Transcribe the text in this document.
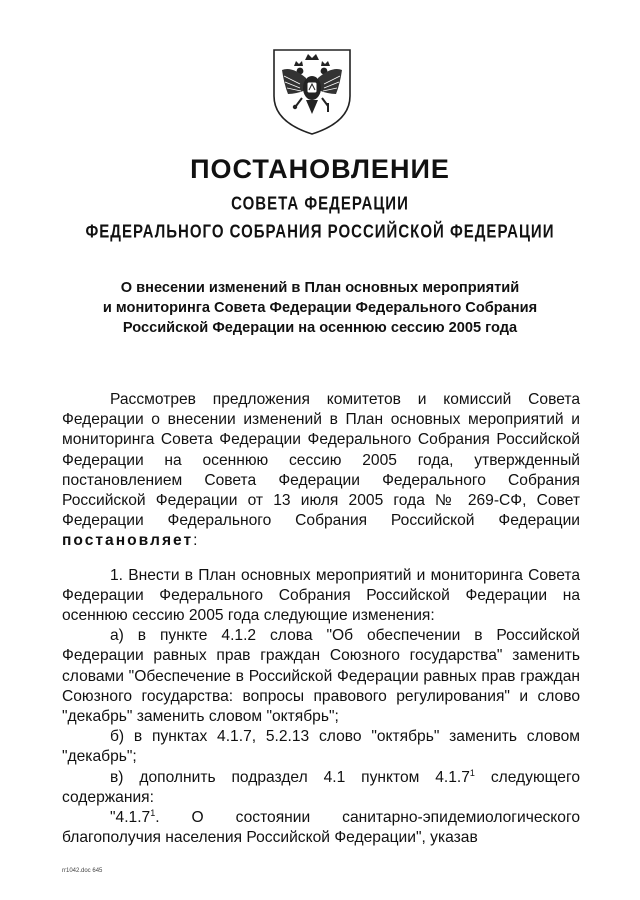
ПОСТАНОВЛЕНИЕ
СОВЕТА ФЕДЕРАЦИИ
ФЕДЕРАЛЬНОГО СОБРАНИЯ РОССИЙСКОЙ ФЕДЕРАЦИИ
О внесении изменений в План основных мероприятий
и мониторинга Совета Федерации Федерального Собрания
Российской Федерации на осеннюю сессию 2005 года

Рассмотрев предложения комитетов и комиссий Совета Федерации о внесении изменений в План основных мероприятий и мониторинга Совета Федерации Федерального Собрания Российской Федерации на осеннюю сессию 2005 года, утвержденный постановлением Совета Федерации Федерального Собрания Российской Федерации от 13 июля 2005 года № 269-СФ, Совет Федерации Федерального Собрания Российской Федерации постановляет:

1. Внести в План основных мероприятий и мониторинга Совета Федерации Федерального Собрания Российской Федерации на осеннюю сессию 2005 года следующие изменения:

а) в пункте 4.1.2 слова "Об обеспечении в Российской Федерации равных прав граждан Союзного государства" заменить словами "Обеспечение в Российской Федерации равных прав граждан Союзного государства: вопросы правового регулирования" и слово "декабрь" заменить словом "октябрь";

б) в пунктах 4.1.7, 5.2.13 слово "октябрь" заменить словом "декабрь";

в) дополнить подраздел 4.1 пунктом 4.1.7$^1$ следующего содержания:

"4.1.7$^1$. О состоянии санитарно-эпидемиологического благополучия населения Российской Федерации", указав

rr1042.doc 645
